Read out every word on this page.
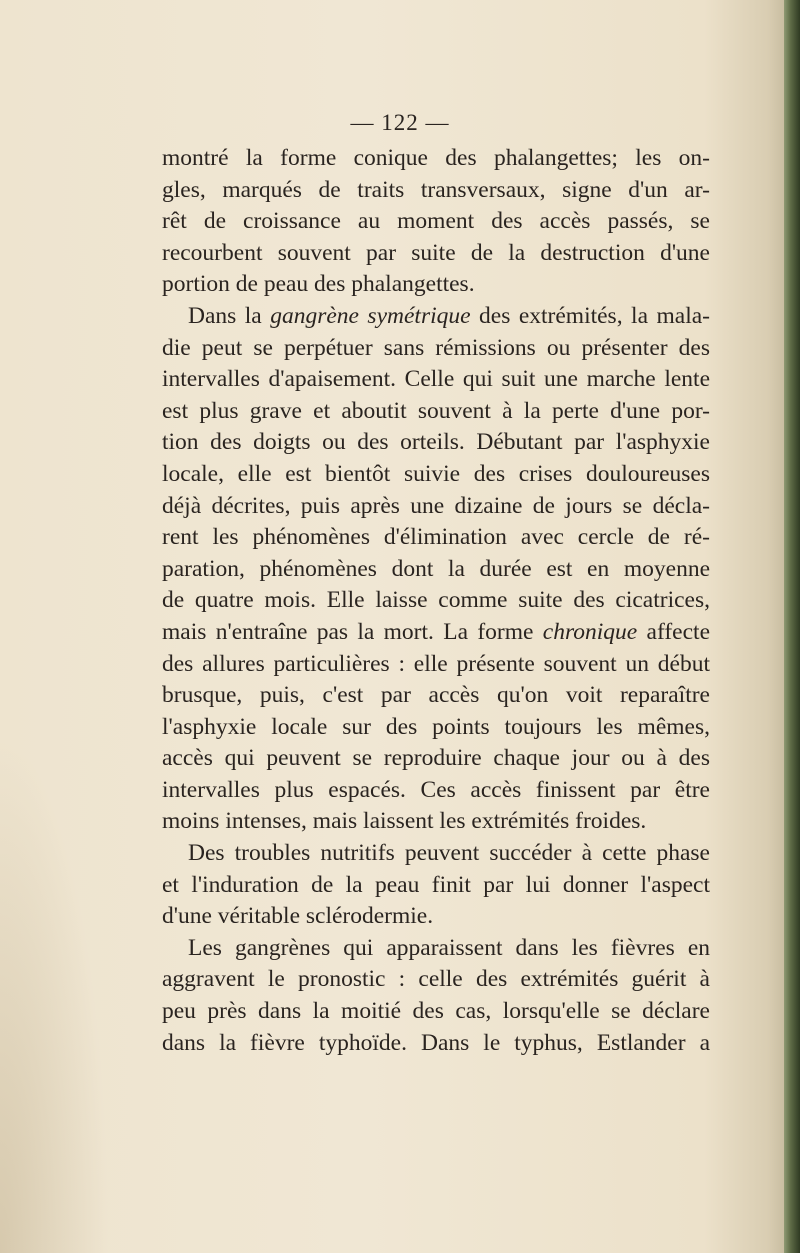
— 122 —
montré la forme conique des phalangettes; les on-
gles, marqués de traits transversaux, signe d'un ar-
rêt de croissance au moment des accès passés, se
recourbent souvent par suite de la destruction d'une
portion de peau des phalangettes.
Dans la gangrène symétrique des extrémités, la mala-
die peut se perpétuer sans rémissions ou présenter des
intervalles d'apaisement. Celle qui suit une marche lente
est plus grave et aboutit souvent à la perte d'une por-
tion des doigts ou des orteils. Débutant par l'asphyxie
locale, elle est bientôt suivie des crises douloureuses
déjà décrites, puis après une dizaine de jours se décla-
rent les phénomènes d'élimination avec cercle de ré-
paration, phénomènes dont la durée est en moyenne
de quatre mois. Elle laisse comme suite des cicatrices,
mais n'entraîne pas la mort. La forme chronique affecte
des allures particulières : elle présente souvent un début
brusque, puis, c'est par accès qu'on voit reparaître
l'asphyxie locale sur des points toujours les mêmes,
accès qui peuvent se reproduire chaque jour ou à des
intervalles plus espacés. Ces accès finissent par être
moins intenses, mais laissent les extrémités froides.
Des troubles nutritifs peuvent succéder à cette phase
et l'induration de la peau finit par lui donner l'aspect
d'une véritable sclérodermie.
Les gangrènes qui apparaissent dans les fièvres en
aggravent le pronostic : celle des extrémités guérit à
peu près dans la moitié des cas, lorsqu'elle se déclare
dans la fièvre typhoïde. Dans le typhus, Estlander a
